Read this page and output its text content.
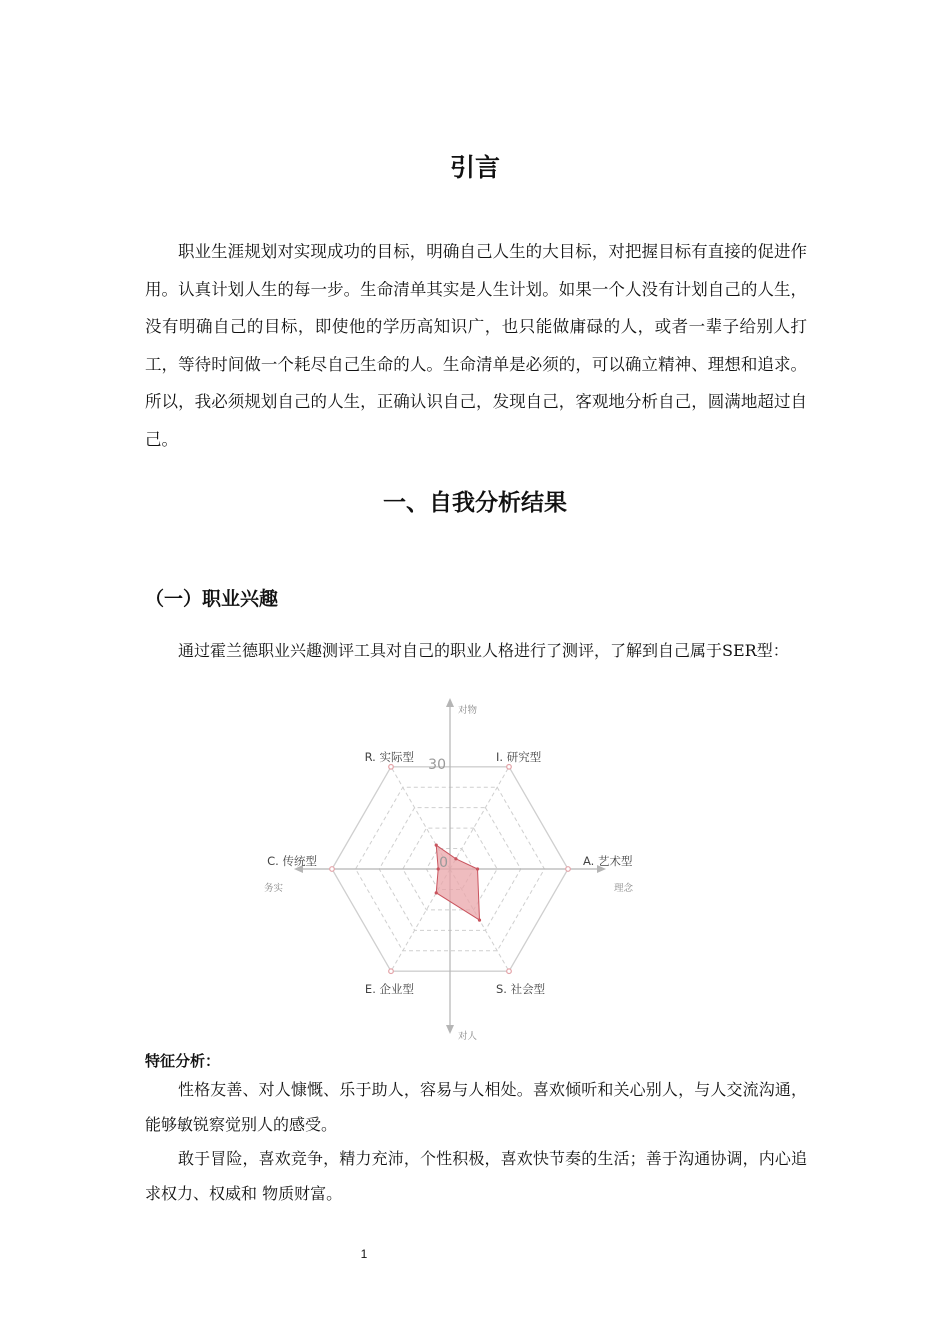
引言

职业生涯规划对实现成功的目标，明确自己人生的大目标，对把握目标有直接的促进作用。认真计划人生的每一步。生命清单其实是人生计划。如果一个人没有计划自己的人生，没有明确自己的目标，即使他的学历高知识广，也只能做庸碌的人，或者一辈子给别人打工，等待时间做一个耗尽自己生命的人。生命清单是必须的，可以确立精神、理想和追求。所以，我必须规划自己的人生，正确认识自己，发现自己，客观地分析自己，圆满地超过自己。

一、自我分析结果
（一）职业兴趣

通过霍兰德职业兴趣测评工具对自己的职业人格进行了测评，了解到自己属于SER型：

30
0
I. 研究型
A. 艺术型
S. 社会型
E. 企业型
C. 传统型
R. 实际型
对物
对人
务实	理念
特征分析：

性格友善、对人慷慨、乐于助人，容易与人相处。喜欢倾听和关心别人，与人交流沟通，能够敏锐察觉别人的感受。

敢于冒险，喜欢竞争，精力充沛，个性积极，喜欢快节奏的生活；善于沟通协调，内心追求权力、权威和 物质财富。

1
